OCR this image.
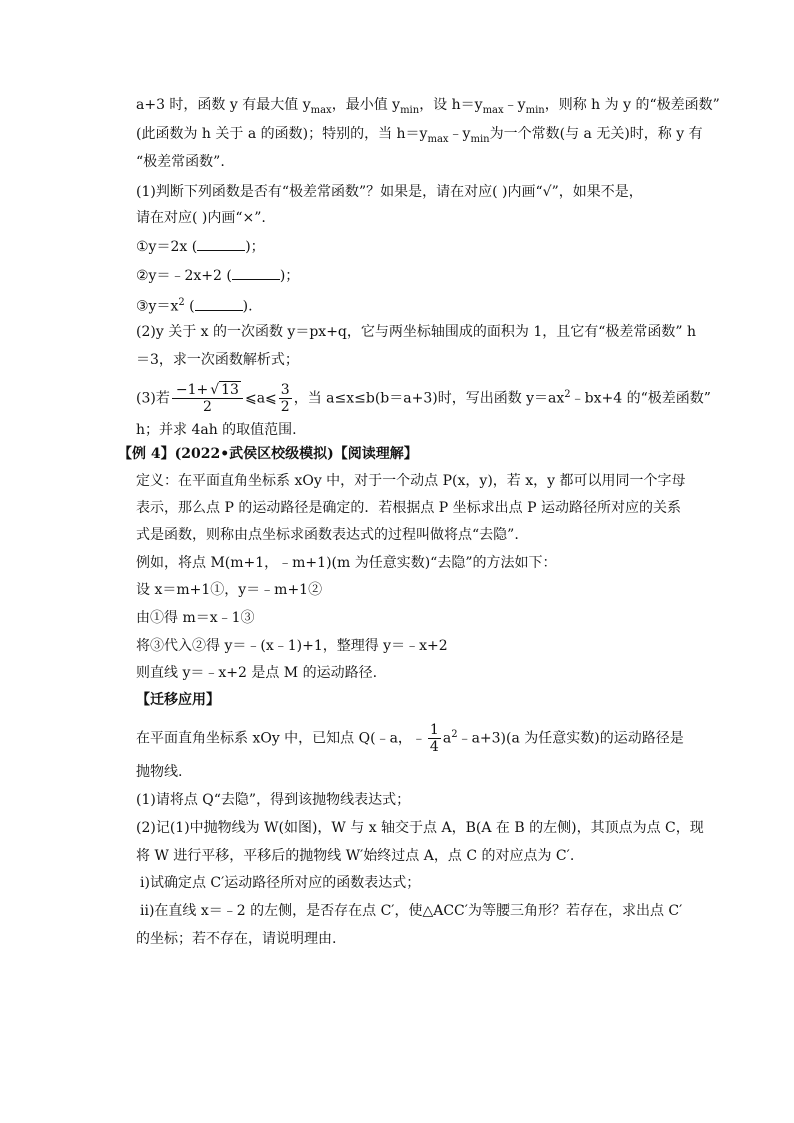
a+3 时，函数 y 有最大值 $y_{max}$，最小值 $y_{min}$，设 $h=y_{max}﹣y_{min}$，则称 h 为 y 的“极差函数”
(此函数为 h 关于 a 的函数)；特别的，当 $h=y_{max}﹣y_{min}$为一个常数(与 a 无关)时，称 y 有
“极差常函数”.
(1)判断下列函数是否有“极差常函数”？如果是，请在对应( )内画“√”，如果不是，
请在对应( )内画“×”.
①y＝2x (	)；
②y＝﹣2x+2 (	)；
$③y=x^2$ (	).
(2)y 关于 x 的一次函数 y＝px+q，它与两坐标轴围成的面积为 1，且它有“极差常函数” h
＝3，求一次函数解析式；
(3)若 $\frac{-1+ √ 13}{2}$ ⩽a⩽ $\frac{3}{2}$ ，当 a≤x≤b(b＝a+3)时，写出函数 $y=ax^2﹣bx+4$ 的“极差函数”
h；并求 4ah 的取值范围.
【例 4】(2022•武侯区校级模拟)【阅读理解】
定义：在平面直角坐标系 xOy 中，对于一个动点 P(x，y)，若 x，y 都可以用同一个字母
表示，那么点 P 的运动路径是确定的．若根据点 P 坐标求出点 P 运动路径所对应的关系
式是函数，则称由点坐标求函数表达式的过程叫做将点“去隐”.
例如，将点 M(m+1，﹣m+1)(m 为任意实数)“去隐”的方法如下：
设 x＝m+1①，y＝﹣m+1②
由①得 m＝x﹣1③
将③代入②得 y＝﹣(x﹣1)+1，整理得 y＝﹣x+2
则直线 y＝﹣x+2 是点 M 的运动路径.
【迁移应用】
在平面直角坐标系 xOy 中，已知点 Q(﹣a，﹣ $\frac{1}{4}$ $a^2﹣a+3)(a$ 为任意实数)的运动路径是
抛物线.
(1)请将点 Q“去隐”，得到该抛物线表达式；
(2)记(1)中抛物线为 W(如图)，W 与 x 轴交于点 A，B(A 在 B 的左侧)，其顶点为点 C，现
将 W 进行平移，平移后的抛物线 W′始终过点 A，点 C 的对应点为 C′.
ⅰ)试确定点 C′运动路径所对应的函数表达式；
ⅱ)在直线 x＝﹣2 的左侧，是否存在点 C′，使△ACC′为等腰三角形？若存在，求出点 C′
的坐标；若不存在，请说明理由.
